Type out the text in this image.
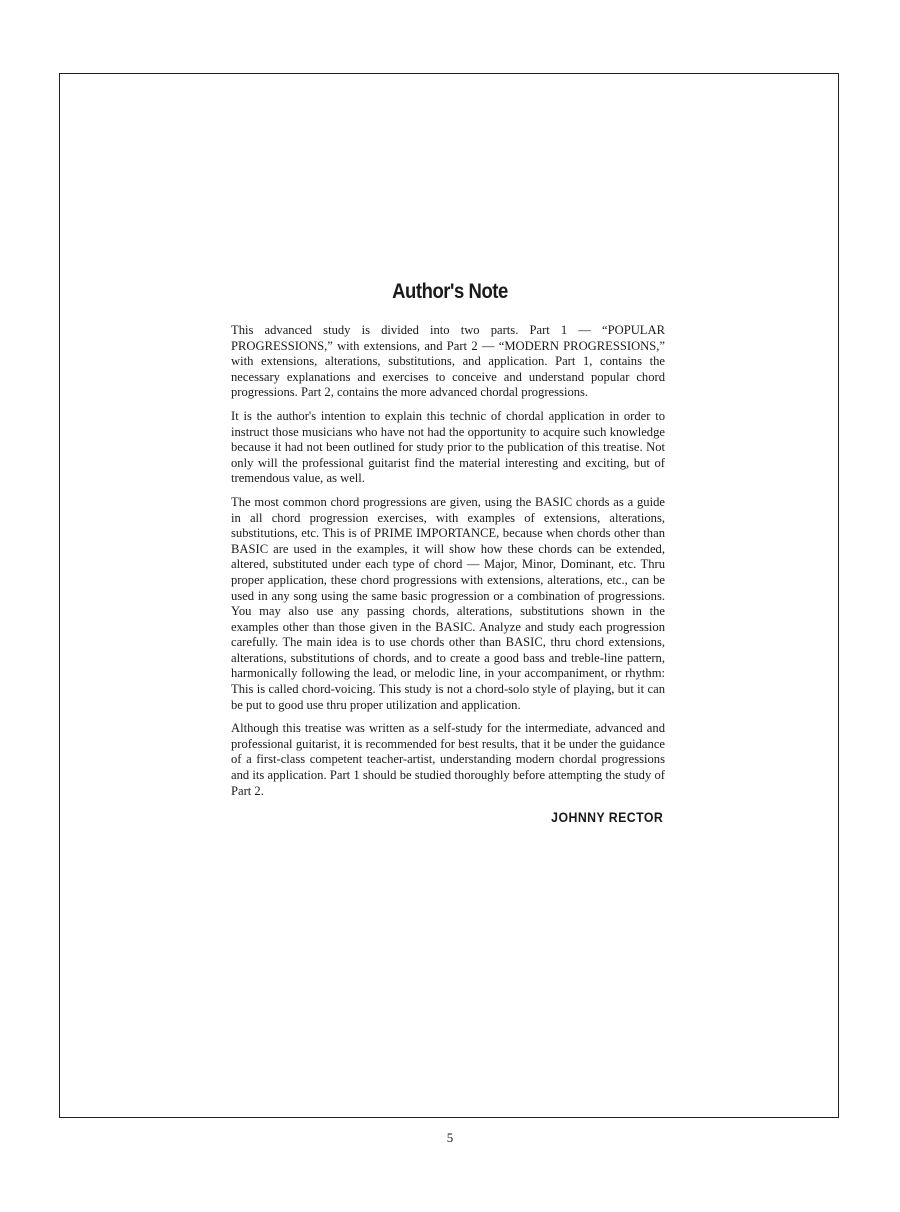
Author's Note

This advanced study is divided into two parts. Part 1 — “POPULAR PROGRESSIONS,” with extensions, and Part 2 — “MODERN PROGRESSIONS,” with extensions, alterations, substitutions, and application. Part 1, contains the necessary explanations and exercises to conceive and understand popular chord progressions. Part 2, contains the more advanced chordal progressions.

It is the author's intention to explain this technic of chordal application in order to instruct those musicians who have not had the opportunity to acquire such knowledge because it had not been outlined for study prior to the publication of this treatise. Not only will the professional guitarist find the material interesting and exciting, but of tremendous value, as well.

The most common chord progressions are given, using the BASIC chords as a guide in all chord progression exercises, with examples of extensions, alterations, substitutions, etc. This is of PRIME IMPORTANCE, because when chords other than BASIC are used in the examples, it will show how these chords can be extended, altered, substituted under each type of chord — Major, Minor, Dominant, etc. Thru proper application, these chord progressions with extensions, alterations, etc., can be used in any song using the same basic progression or a combination of progressions. You may also use any passing chords, alterations, substitutions shown in the examples other than those given in the BASIC. Analyze and study each progression carefully. The main idea is to use chords other than BASIC, thru chord extensions, alterations, substitutions of chords, and to create a good bass and treble-line pattern, harmonically following the lead, or melodic line, in your accompaniment, or rhythm: This is called chord-voicing. This study is not a chord-solo style of playing, but it can be put to good use thru proper utilization and application.

Although this treatise was written as a self-study for the intermediate, advanced and professional guitarist, it is recommended for best results, that it be under the guidance of a first-class competent teacher-artist, understanding modern chordal progressions and its application. Part 1 should be studied thoroughly before attempting the study of Part 2.

JOHNNY RECTOR
5
